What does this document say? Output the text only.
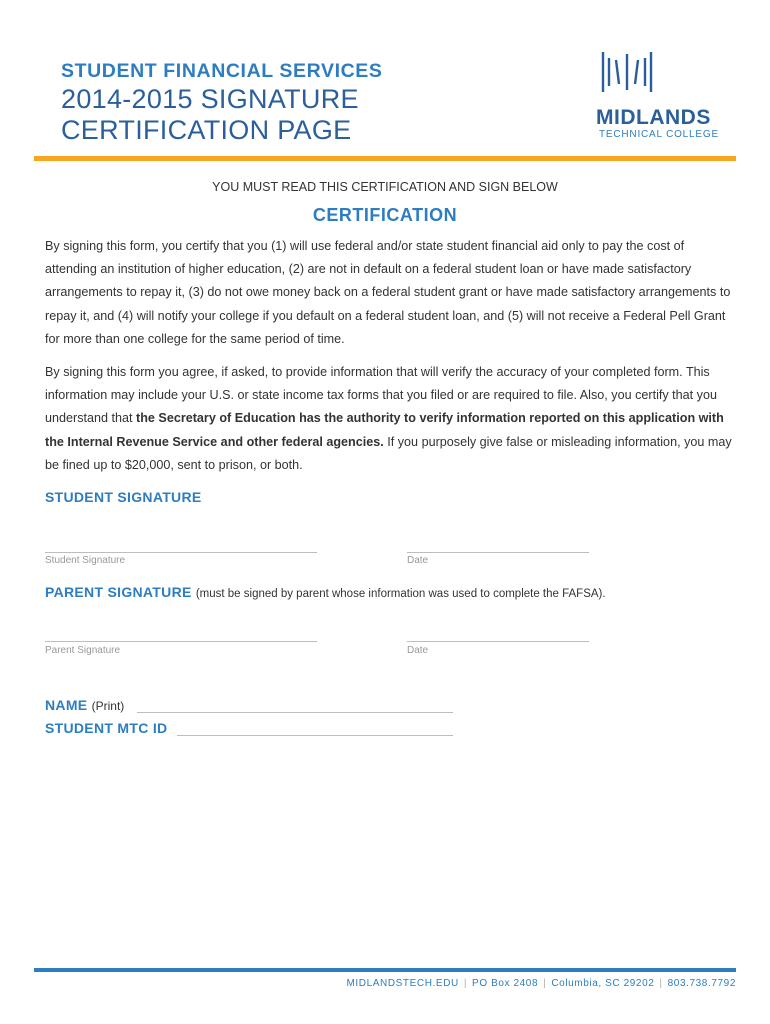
STUDENT FINANCIAL SERVICES
2014-2015 SIGNATURE
CERTIFICATION PAGE	MIDLANDS
TECHNICAL COLLEGE
YOU MUST READ THIS CERTIFICATION AND SIGN BELOW
CERTIFICATION
By signing this form, you certify that you (1) will use federal and/or state student financial aid only to pay the cost of attending an institution of higher education, (2) are not in default on a federal student loan or have made satisfactory arrangements to repay it, (3) do not owe money back on a federal student grant or have made satisfactory arrangements to repay it, and (4) will notify your college if you default on a federal student loan, and (5) will not receive a Federal Pell Grant for more than one college for the same period of time.
By signing this form you agree, if asked, to provide information that will verify the accuracy of your completed form. This information may include your U.S. or state income tax forms that you filed or are required to file. Also, you certify that you understand that the Secretary of Education has the authority to verify information reported on this application with the Internal Revenue Service and other federal agencies. If you purposely give false or misleading information, you may be fined up to $20,000, sent to prison, or both.
STUDENT SIGNATURE
Student Signature	Date
PARENT SIGNATURE (must be signed by parent whose information was used to complete the FAFSA).
Parent Signature	Date
NAME (Print)
STUDENT MTC ID
MIDLANDSTECH.EDU | PO Box 2408 | Columbia, SC 29202 | 803.738.7792
